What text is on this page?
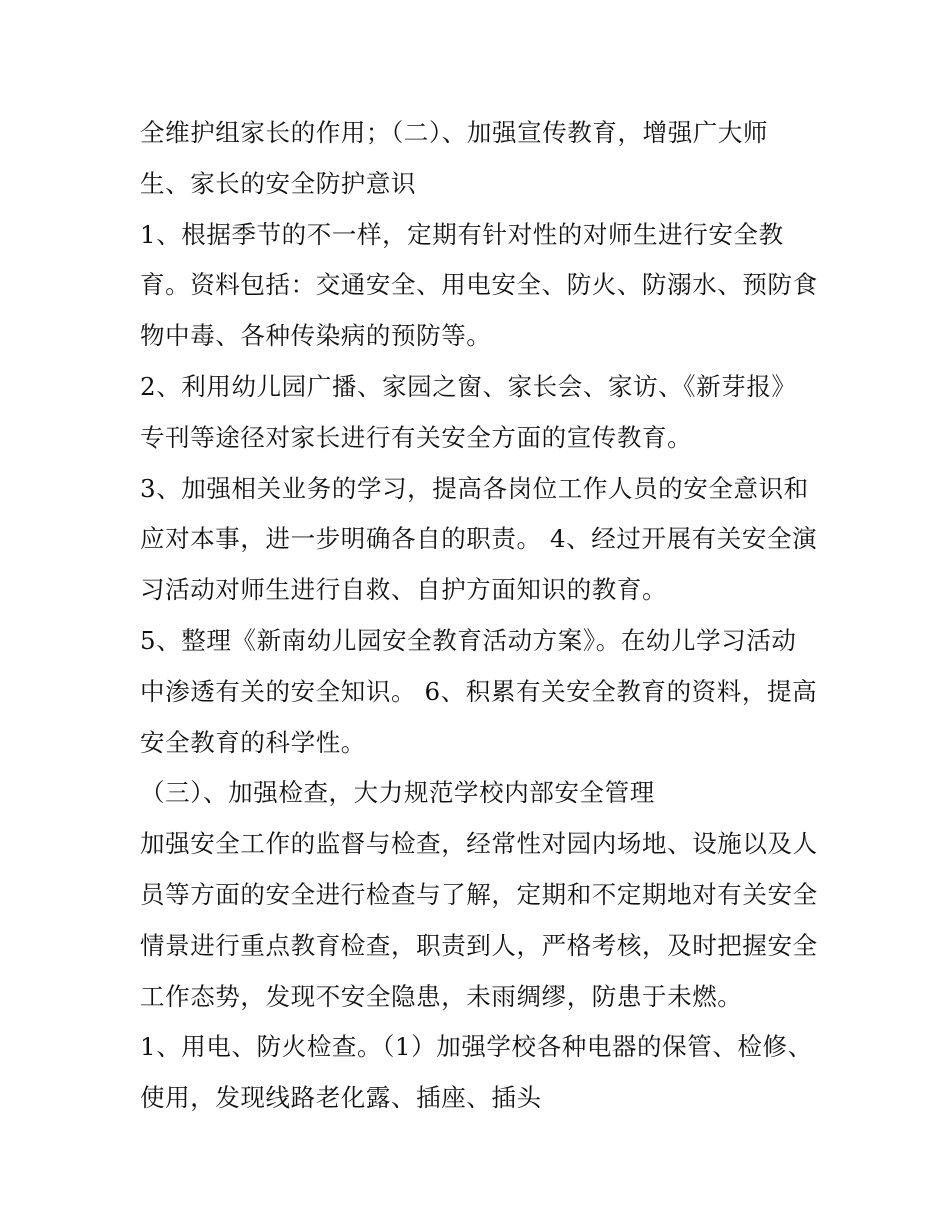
全维护组家长的作用；（二）、加强宣传教育，增强广大师
生、家长的安全防护意识
1、根据季节的不一样，定期有针对性的对师生进行安全教
育。资料包括：交通安全、用电安全、防火、防溺水、预防食
物中毒、各种传染病的预防等。
2、利用幼儿园广播、家园之窗、家长会、家访、《新芽报》
专刊等途径对家长进行有关安全方面的宣传教育。
3、加强相关业务的学习，提高各岗位工作人员的安全意识和
应对本事，进一步明确各自的职责。 4、经过开展有关安全演
习活动对师生进行自救、自护方面知识的教育。
5、整理《新南幼儿园安全教育活动方案》。在幼儿学习活动
中渗透有关的安全知识。 6、积累有关安全教育的资料，提高
安全教育的科学性。
（三）、加强检查，大力规范学校内部安全管理
加强安全工作的监督与检查，经常性对园内场地、设施以及人
员等方面的安全进行检查与了解，定期和不定期地对有关安全
情景进行重点教育检查，职责到人，严格考核，及时把握安全
工作态势，发现不安全隐患，未雨绸缪，防患于未燃。
1、用电、防火检查。（1）加强学校各种电器的保管、检修、
使用，发现线路老化露、插座、插头
